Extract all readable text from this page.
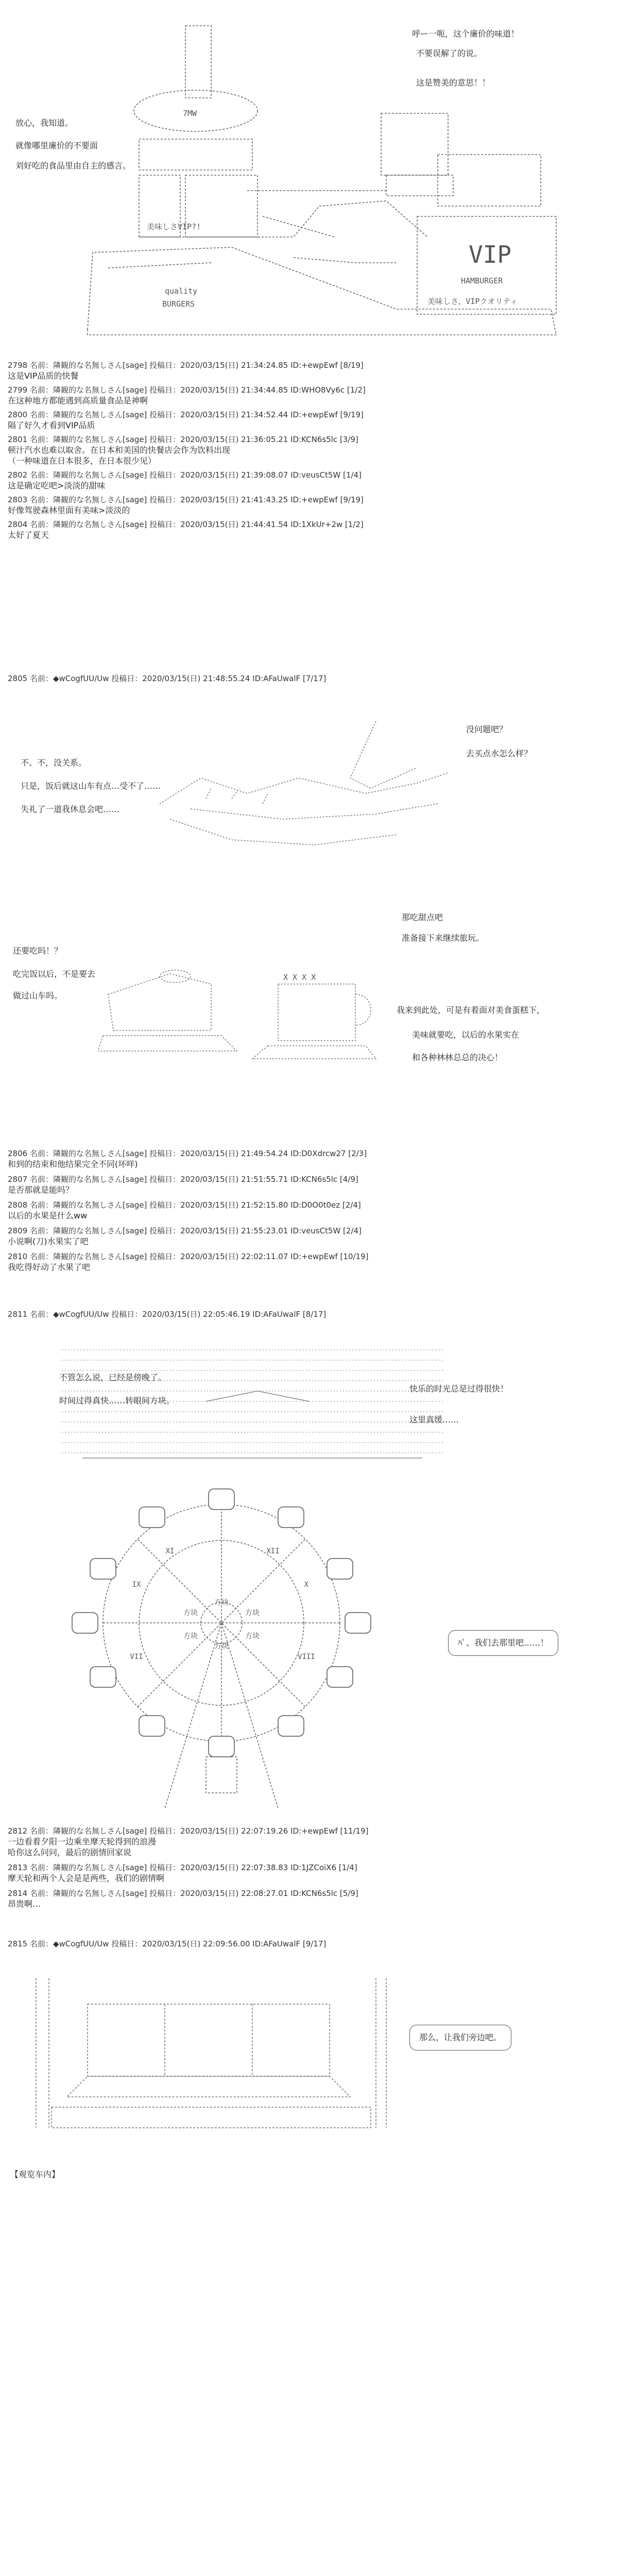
呼ー一呃，这个廉价的味道！
不要误解了的说。
这是赞美的意思！！
放心，我知道。
就像哪里廉价的不要面
刘好吃的食品里由自主的感言。
7MW
美味しさVIP?!
quality
BURGERS
VIP
HAMBURGER
美味しさ、VIPクオリティ
2798 名前：隣観的な名無しさん[sage] 投稿日：2020/03/15(日) 21:34:24.85 ID:+ewpEwf [8/19]
这是VIP品质的快餐
2799 名前：隣観的な名無しさん[sage] 投稿日：2020/03/15(日) 21:34:44.85 ID:WHO8Vy6c [1/2]
在这种地方都能遇到高质量食品是神啊
2800 名前：隣観的な名無しさん[sage] 投稿日：2020/03/15(日) 21:34:52.44 ID:+ewpEwf [9/19]
隔了好久才看到VIP品质
2801 名前：隣観的な名無しさん[sage] 投稿日：2020/03/15(日) 21:36:05.21 ID:KCN6s5lc [3/9]
顿汁汽水也难以取舍。在日本和美国的快餐店会作为饮料出现
（一种味道在日本很多，在日本很少见）
2802 名前：隣観的な名無しさん[sage] 投稿日：2020/03/15(日) 21:39:08.07 ID:veusCt5W [1/4]
这是确定吃吧>淡淡的甜味
2803 名前：隣観的な名無しさん[sage] 投稿日：2020/03/15(日) 21:41:43.25 ID:+ewpEwf [9/19]
好像驾驶森林里面有美味>淡淡的
2804 名前：隣観的な名無しさん[sage] 投稿日：2020/03/15(日) 21:44:41.54 ID:1XkUr+2w [1/2]
太好了夏天
2805 名前：◆wCogfUU/Uw 投稿日：2020/03/15(日) 21:48:55.24 ID:AFaUwalF [7/17]
没问题吧？
去买点水怎么样？
不、不，没关系。
只是，饭后就这山车有点…受不了……
失礼了一道我休息会吧……
那吃甜点吧
准备接下来继续旅玩。
还要吃吗！？
吃完饭以后，不是要去
做过山车吗。
我来到此处，可是有着面对美食蛋糕下，
美味就要吃，以后的水果实在
和各种林林总总的决心！
X X X X
2806 名前：隣観的な名無しさん[sage] 投稿日：2020/03/15(日) 21:49:54.24 ID:D0Xdrcw27 [2/3]
和到的结束和他结果完全不同(坏咩)
2807 名前：隣観的な名無しさん[sage] 投稿日：2020/03/15(日) 21:51:55.71 ID:KCN6s5lc [4/9]
是否那就是能吗？
2808 名前：隣観的な名無しさん[sage] 投稿日：2020/03/15(日) 21:52:15.80 ID:D0O0t0ez [2/4]
以后的水果是什么ww
2809 名前：隣観的な名無しさん[sage] 投稿日：2020/03/15(日) 21:55:23.01 ID:veusCt5W [2/4]
小说啊(刀)水果实了吧
2810 名前：隣観的な名無しさん[sage] 投稿日：2020/03/15(日) 22:02:11.07 ID:+ewpEwf [10/19]
我吃得好动了水果了吧
2811 名前：◆wCogfUU/Uw 投稿日：2020/03/15(日) 22:05:46.19 ID:AFaUwalF [8/17]
不管怎么说，已经是傍晚了。
时间过得真快……转眼间方块。
快乐的时光总是过得很快！
这里真缓……
方块
方块
方块
方块
方块
方块
VII	VIII
IX	X
XI	XII
ﾊﾟ、我们去那里吧……！
2812 名前：隣観的な名無しさん[sage] 投稿日：2020/03/15(日) 22:07:19.26 ID:+ewpEwf [11/19]
一边看着夕阳一边乘坐摩天轮得到的浪漫
哈你这么问问，最后的剧情回家说
2813 名前：隣観的な名無しさん[sage] 投稿日：2020/03/15(日) 22:07:38.83 ID:1JZCoiX6 [1/4]
摩天轮和两个人会是是两些，我们的剧情啊
2814 名前：隣観的な名無しさん[sage] 投稿日：2020/03/15(日) 22:08:27.01 ID:KCN6s5lc [5/9]
昂贵啊…
2815 名前：◆wCogfUU/Uw 投稿日：2020/03/15(日) 22:09:56.00 ID:AFaUwalF [9/17]
那么，让我们旁边吧。
【观览车内】
